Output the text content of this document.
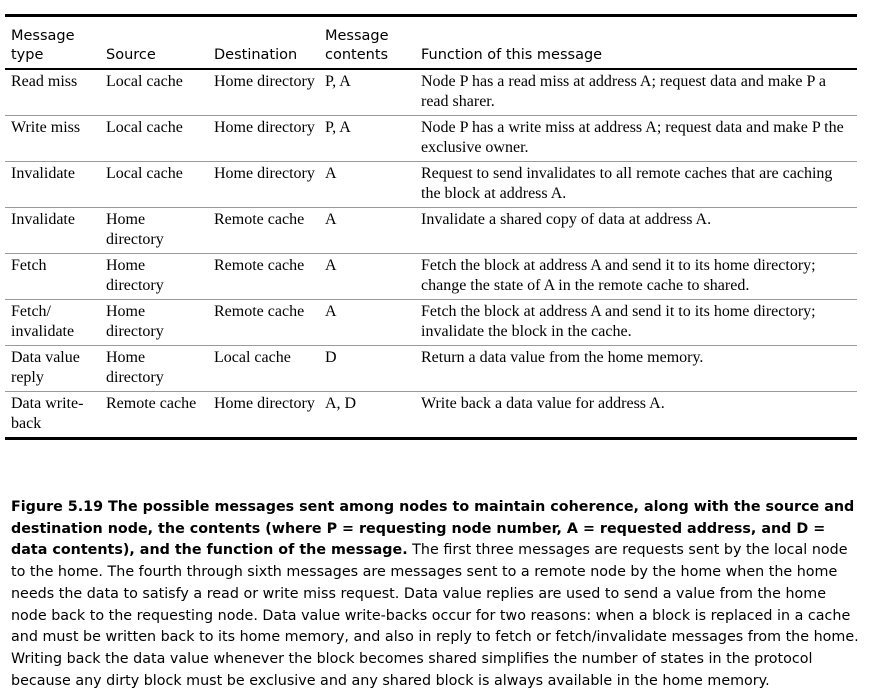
Message type	Source	Destination	Message contents	Function of this message
Read miss	Local cache	Home directory	P, A	Node P has a read miss at address A; request data and make P a read sharer.
Write miss	Local cache	Home directory	P, A	Node P has a write miss at address A; request data and make P the exclusive owner.
Invalidate	Local cache	Home directory	A	Request to send invalidates to all remote caches that are caching the block at address A.
Invalidate	Home directory	Remote cache	A	Invalidate a shared copy of data at address A.
Fetch	Home directory	Remote cache	A	Fetch the block at address A and send it to its home directory; change the state of A in the remote cache to shared.
Fetch/ invalidate	Home directory	Remote cache	A	Fetch the block at address A and send it to its home directory; invalidate the block in the cache.
Data value reply	Home directory	Local cache	D	Return a data value from the home memory.
Data write- back	Remote cache	Home directory	A, D	Write back a data value for address A.
Figure 5.19 The possible messages sent among nodes to maintain coherence, along with the source and destination node, the contents (where P = requesting node number, A = requested address, and D = data contents), and the function of the message. The first three messages are requests sent by the local node to the home. The fourth through sixth messages are messages sent to a remote node by the home when the home needs the data to satisfy a read or write miss request. Data value replies are used to send a value from the home node back to the requesting node. Data value write-backs occur for two reasons: when a block is replaced in a cache and must be written back to its home memory, and also in reply to fetch or fetch/invalidate messages from the home. Writing back the data value whenever the block becomes shared simplifies the number of states in the protocol because any dirty block must be exclusive and any shared block is always available in the home memory.
